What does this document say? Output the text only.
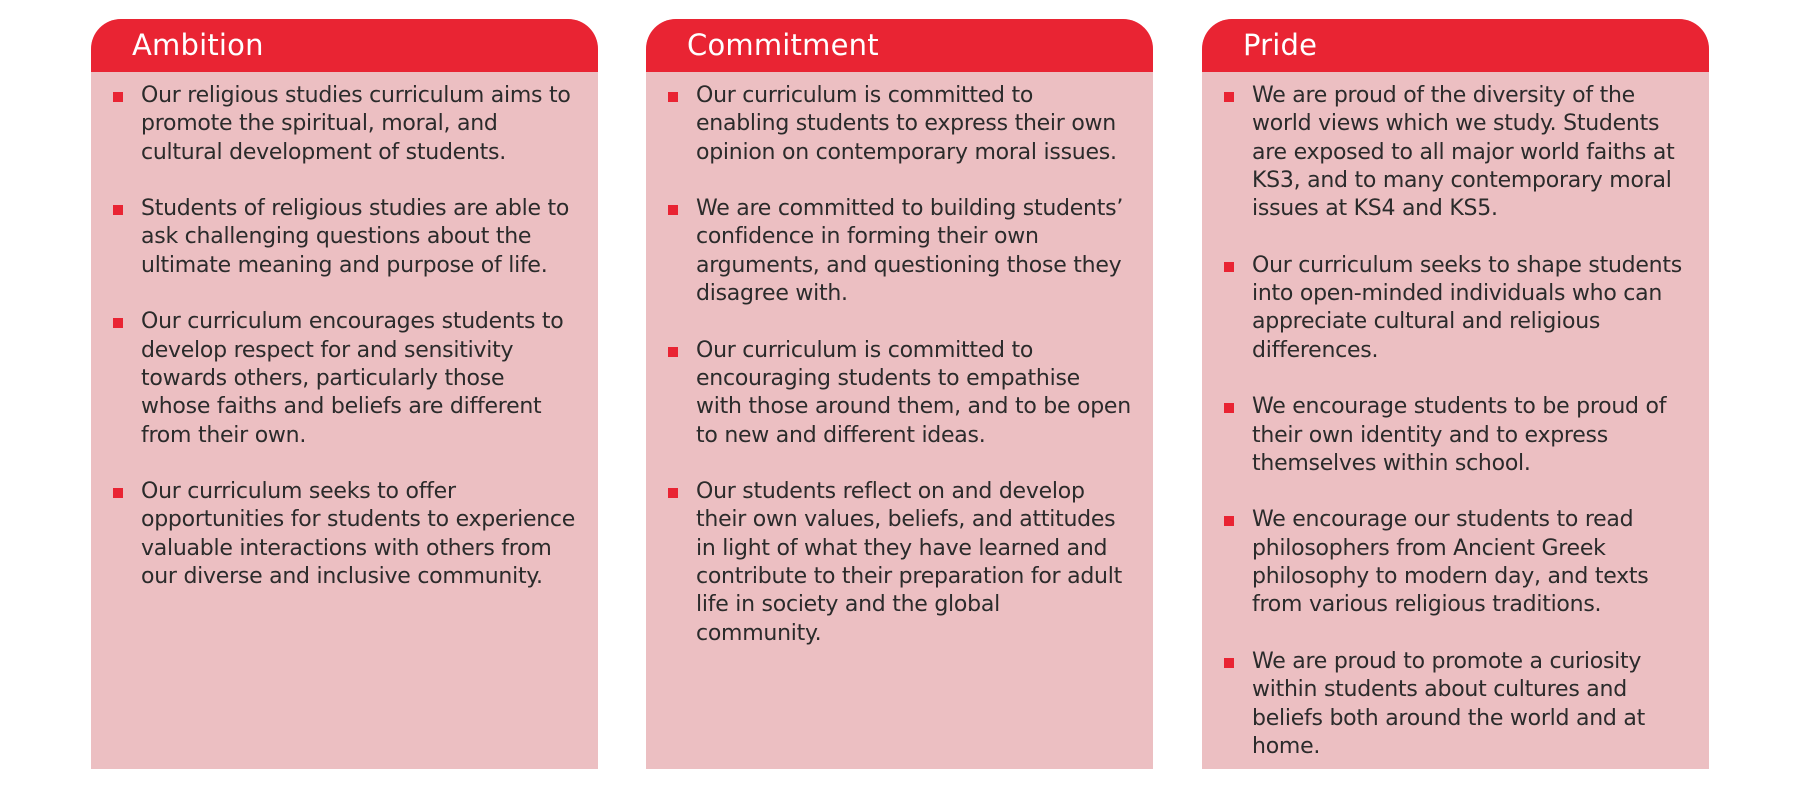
Ambition
Our religious studies curriculum aims to promote the spiritual, moral, and cultural development of students.
Students of religious studies are able to ask challenging questions about the ultimate meaning and purpose of life.
Our curriculum encourages students to develop respect for and sensitivity towards others, particularly those whose faiths and beliefs are different from their own.
Our curriculum seeks to offer opportunities for students to experience valuable interactions with others from our diverse and inclusive community.
Commitment
Our curriculum is committed to enabling students to express their own opinion on contemporary moral issues.
We are committed to building students’ confidence in forming their own arguments, and questioning those they disagree with.
Our curriculum is committed to encouraging students to empathise with those around them, and to be open to new and different ideas.
Our students reflect on and develop their own values, beliefs, and attitudes in light of what they have learned and contribute to their preparation for adult life in society and the global community.
Pride
We are proud of the diversity of the world views which we study. Students are exposed to all major world faiths at KS3, and to many contemporary moral issues at KS4 and KS5.
Our curriculum seeks to shape students into open-minded individuals who can appreciate cultural and religious differences.
We encourage students to be proud of their own identity and to express themselves within school.
We encourage our students to read philosophers from Ancient Greek philosophy to modern day, and texts from various religious traditions.
We are proud to promote a curiosity within students about cultures and beliefs both around the world and at home.
